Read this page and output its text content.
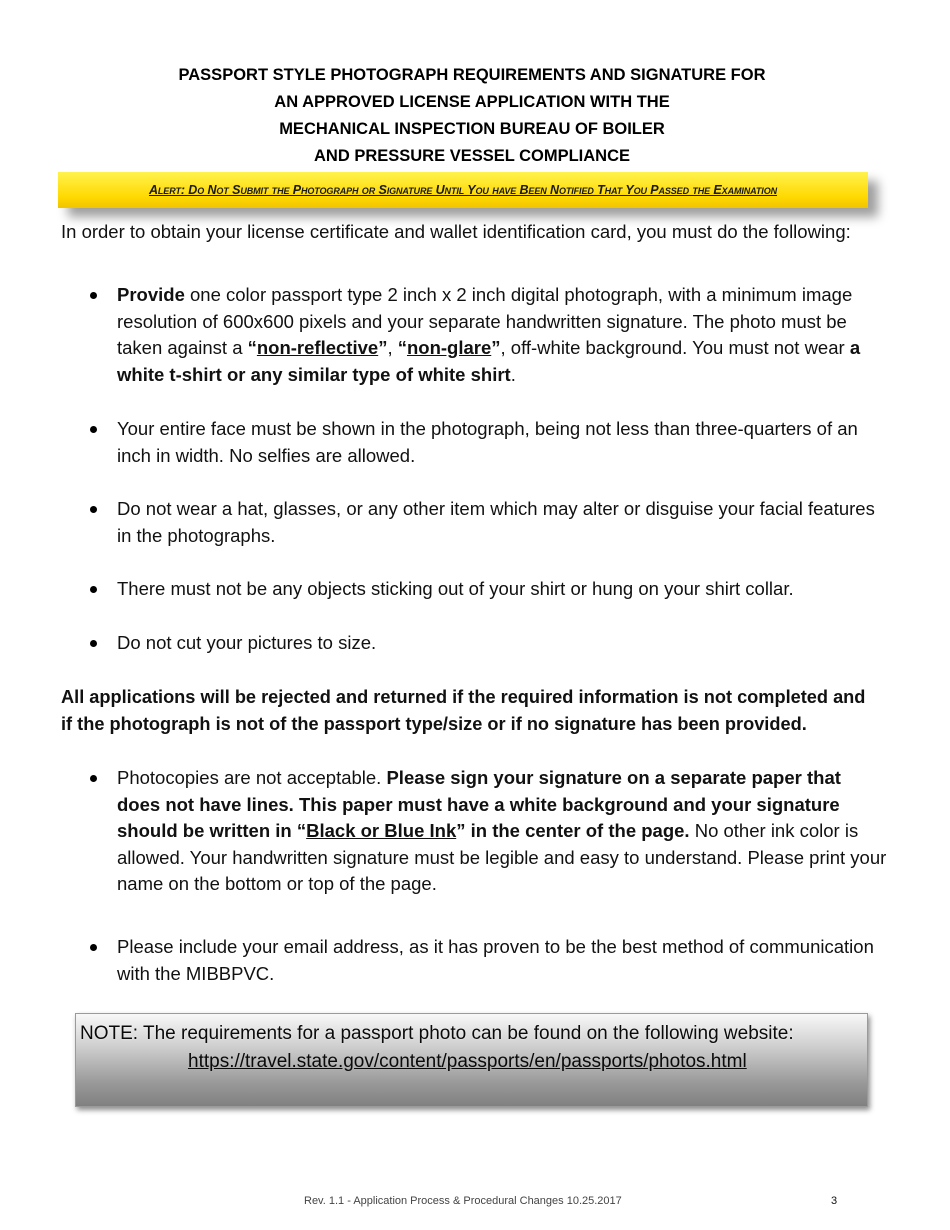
PASSPORT STYLE PHOTOGRAPH REQUIREMENTS AND SIGNATURE FOR
AN APPROVED LICENSE APPLICATION WITH THE
MECHANICAL INSPECTION BUREAU OF BOILER
AND PRESSURE VESSEL COMPLIANCE
Alert: Do Not Submit the Photograph or Signature Until You have Been Notified That You Passed the Examination
In order to obtain your license certificate and wallet identification card, you must do the following:
Provide one color passport type 2 inch x 2 inch digital photograph, with a minimum image resolution of 600x600 pixels and your separate handwritten signature. The photo must be taken against a “non-reflective”, “non-glare”, off-white background. You must not wear a white t-shirt or any similar type of white shirt.
Your entire face must be shown in the photograph, being not less than three-quarters of an inch in width. No selfies are allowed.
Do not wear a hat, glasses, or any other item which may alter or disguise your facial features in the photographs.
There must not be any objects sticking out of your shirt or hung on your shirt collar.
Do not cut your pictures to size.
All applications will be rejected and returned if the required information is not completed and if the photograph is not of the passport type/size or if no signature has been provided.
Photocopies are not acceptable. Please sign your signature on a separate paper that does not have lines. This paper must have a white background and your signature should be written in “Black or Blue Ink” in the center of the page. No other ink color is allowed. Your handwritten signature must be legible and easy to understand. Please print your name on the bottom or top of the page.
Please include your email address, as it has proven to be the best method of communication with the MIBBPVC.
NOTE: The requirements for a passport photo can be found on the following website:
https://travel.state.gov/content/passports/en/passports/photos.html
Rev. 1.1 - Application Process & Procedural Changes 10.25.2017	3
